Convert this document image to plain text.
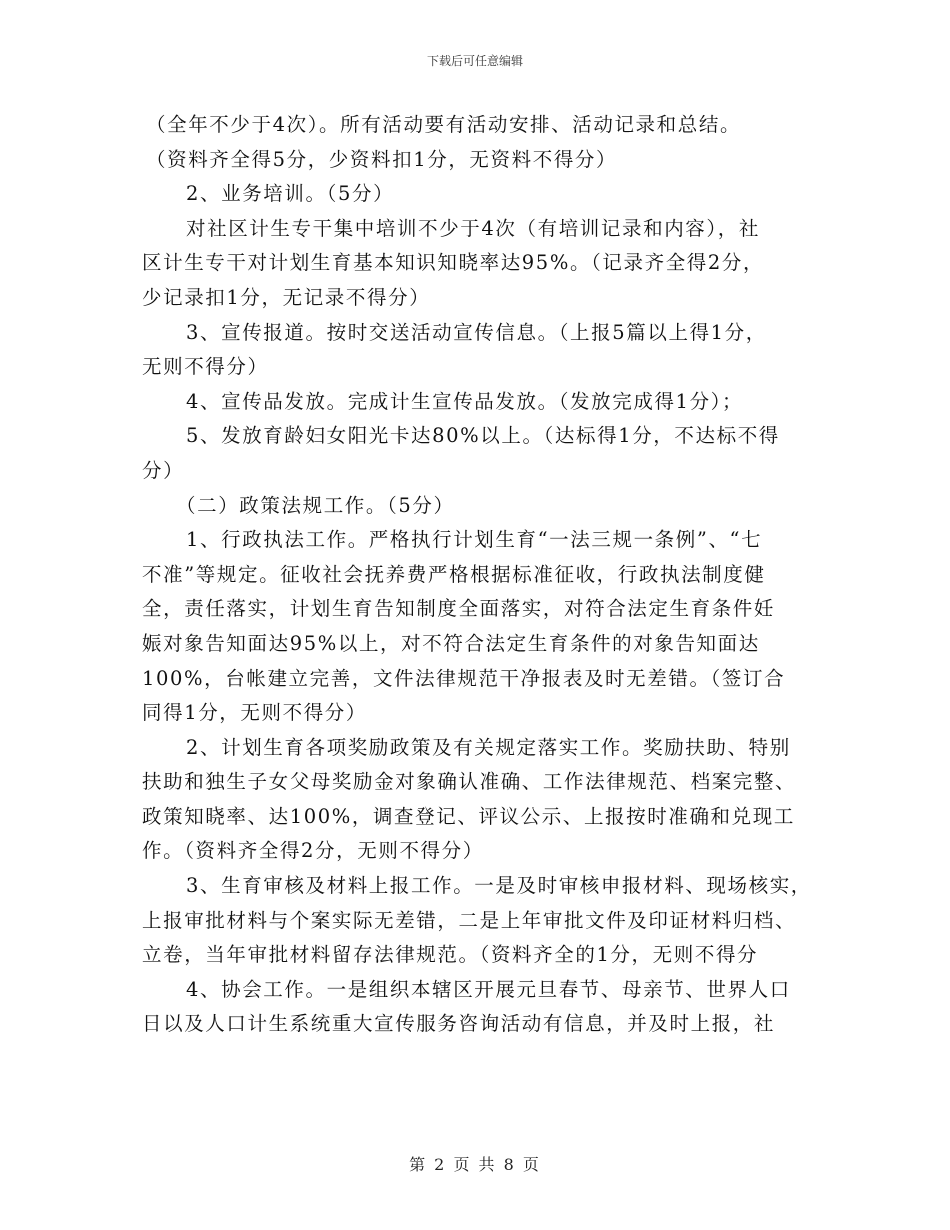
下载后可任意编辑
（全年不少于4次）。所有活动要有活动安排、活动记录和总结。
（资料齐全得5分，少资料扣1分，无资料不得分）
2、业务培训。（5分）
对社区计生专干集中培训不少于4次（有培训记录和内容），社
区计生专干对计划生育基本知识知晓率达95%。（记录齐全得2分，
少记录扣1分，无记录不得分）
3、宣传报道。按时交送活动宣传信息。（上报5篇以上得1分，
无则不得分）
4、宣传品发放。完成计生宣传品发放。（发放完成得1分）；
5、发放育龄妇女阳光卡达80%以上。（达标得1分，不达标不得
分）
（二）政策法规工作。（5分）
1、行政执法工作。严格执行计划生育“一法三规一条例”、“七
不准”等规定。征收社会抚养费严格根据标准征收，行政执法制度健
全，责任落实，计划生育告知制度全面落实，对符合法定生育条件妊
娠对象告知面达95%以上，对不符合法定生育条件的对象告知面达
100%，台帐建立完善，文件法律规范干净报表及时无差错。（签订合
同得1分，无则不得分）
2、计划生育各项奖励政策及有关规定落实工作。奖励扶助、特别
扶助和独生子女父母奖励金对象确认准确、工作法律规范、档案完整、
政策知晓率、达100%，调查登记、评议公示、上报按时准确和兑现工
作。（资料齐全得2分，无则不得分）
3、生育审核及材料上报工作。一是及时审核申报材料、现场核实，
上报审批材料与个案实际无差错，二是上年审批文件及印证材料归档、
立卷，当年审批材料留存法律规范。（资料齐全的1分，无则不得分
4、协会工作。一是组织本辖区开展元旦春节、母亲节、世界人口
日以及人口计生系统重大宣传服务咨询活动有信息，并及时上报，社
第 2 页 共 8 页
